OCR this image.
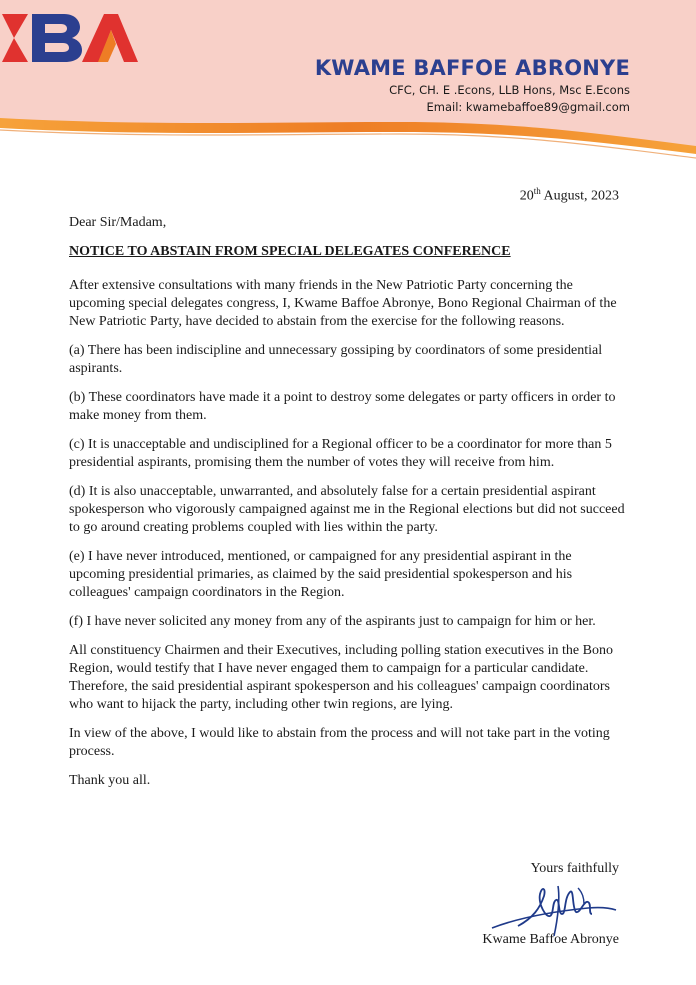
KWAME BAFFOE ABRONYE
CFC, CH. E .Econs, LLB Hons, Msc E.Econs
Email: kwamebaffoe89@gmail.com
20th August, 2023
Dear Sir/Madam,
NOTICE TO ABSTAIN FROM SPECIAL DELEGATES CONFERENCE

After extensive consultations with many friends in the New Patriotic Party concerning the upcoming special delegates congress, I, Kwame Baffoe Abronye, Bono Regional Chairman of the New Patriotic Party, have decided to abstain from the exercise for the following reasons.

(a) There has been indiscipline and unnecessary gossiping by coordinators of some presidential aspirants.

(b) These coordinators have made it a point to destroy some delegates or party officers in order to make money from them.

(c) It is unacceptable and undisciplined for a Regional officer to be a coordinator for more than 5 presidential aspirants, promising them the number of votes they will receive from him.

(d) It is also unacceptable, unwarranted, and absolutely false for a certain presidential aspirant spokesperson who vigorously campaigned against me in the Regional elections but did not succeed to go around creating problems coupled with lies within the party.

(e) I have never introduced, mentioned, or campaigned for any presidential aspirant in the upcoming presidential primaries, as claimed by the said presidential spokesperson and his colleagues' campaign coordinators in the Region.

(f) I have never solicited any money from any of the aspirants just to campaign for him or her.

All constituency Chairmen and their Executives, including polling station executives in the Bono Region, would testify that I have never engaged them to campaign for a particular candidate. Therefore, the said presidential aspirant spokesperson and his colleagues' campaign coordinators who want to hijack the party, including other twin regions, are lying.

In view of the above, I would like to abstain from the process and will not take part in the voting process.

Thank you all.

Yours faithfully
Kwame Baffoe Abronye
